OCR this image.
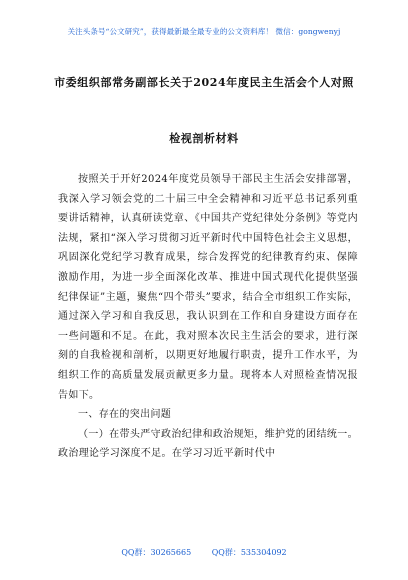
关注头条号“公文研究”，获得最新最全最专业的公文资料库！ 微信：gongwenyj
市委组织部常务副部长关于2024年度民主生活会个人对照
检视剖析材料

按照关于开好2024年度党员领导干部民主生活会安排部署，我深入学习领会党的二十届三中全会精神和习近平总书记系列重要讲话精神，认真研读党章、《中国共产党纪律处分条例》等党内法规，紧扣“深入学习贯彻习近平新时代中国特色社会主义思想，巩固深化党纪学习教育成果，综合发挥党的纪律教育约束、保障激励作用，为进一步全面深化改革、推进中国式现代化提供坚强纪律保证”主题，聚焦“四个带头”要求，结合全市组织工作实际，通过深入学习和自我反思，我认识到在工作和自身建设方面存在一些问题和不足。在此，我对照本次民主生活会的要求，进行深刻的自我检视和剖析，以期更好地履行职责，提升工作水平，为组织工作的高质量发展贡献更多力量。现将本人对照检查情况报告如下。

一、存在的突出问题

（一）在带头严守政治纪律和政治规矩，维护党的团结统一。政治理论学习深度不足。在学习习近平新时代中

QQ群：30265665	QQ群：535304092
